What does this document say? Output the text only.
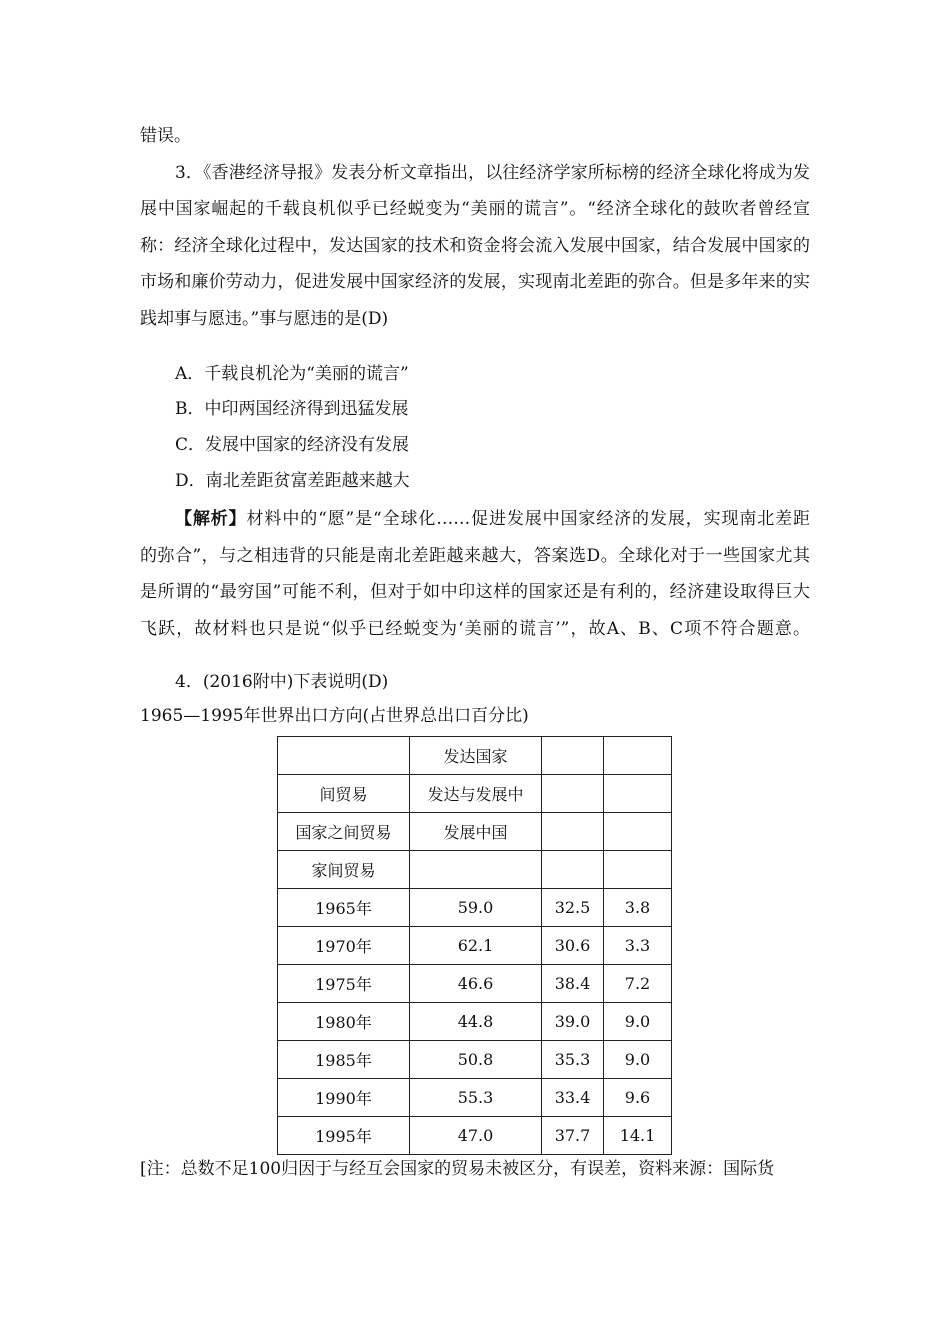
错误。
3．《香港经济导报》发表分析文章指出，以往经济学家所标榜的经济全球化将成为发
展中国家崛起的千载良机似乎已经蜕变为“美丽的谎言”。“经济全球化的鼓吹者曾经宣
称：经济全球化过程中，发达国家的技术和资金将会流入发展中国家，结合发展中国家的
市场和廉价劳动力，促进发展中国家经济的发展，实现南北差距的弥合。但是多年来的实
践却事与愿违。”事与愿违的是(D)
A．千载良机沦为“美丽的谎言”
B．中印两国经济得到迅猛发展
C．发展中国家的经济没有发展
D．南北差距贫富差距越来越大
【解析】材料中的“愿”是“全球化……促进发展中国家经济的发展，实现南北差距
的弥合”，与之相违背的只能是南北差距越来越大，答案选D。全球化对于一些国家尤其
是所谓的“最穷国”可能不利，但对于如中印这样的国家还是有利的，经济建设取得巨大
飞跃，故材料也只是说“似乎已经蜕变为‘美丽的谎言’”，故A、B、C项不符合题意。
4．(2016附中)下表说明(D)
1965—1995年世界出口方向(占世界总出口百分比)
	发达国家		
间贸易	发达与发展中		
国家之间贸易	发展中国		
家间贸易			
1965年	59.0	32.5	3.8
1970年	62.1	30.6	3.3
1975年	46.6	38.4	7.2
1980年	44.8	39.0	9.0
1985年	50.8	35.3	9.0
1990年	55.3	33.4	9.6
1995年	47.0	37.7	14.1
[注：总数不足100归因于与经互会国家的贸易未被区分，有误差，资料来源：国际货
